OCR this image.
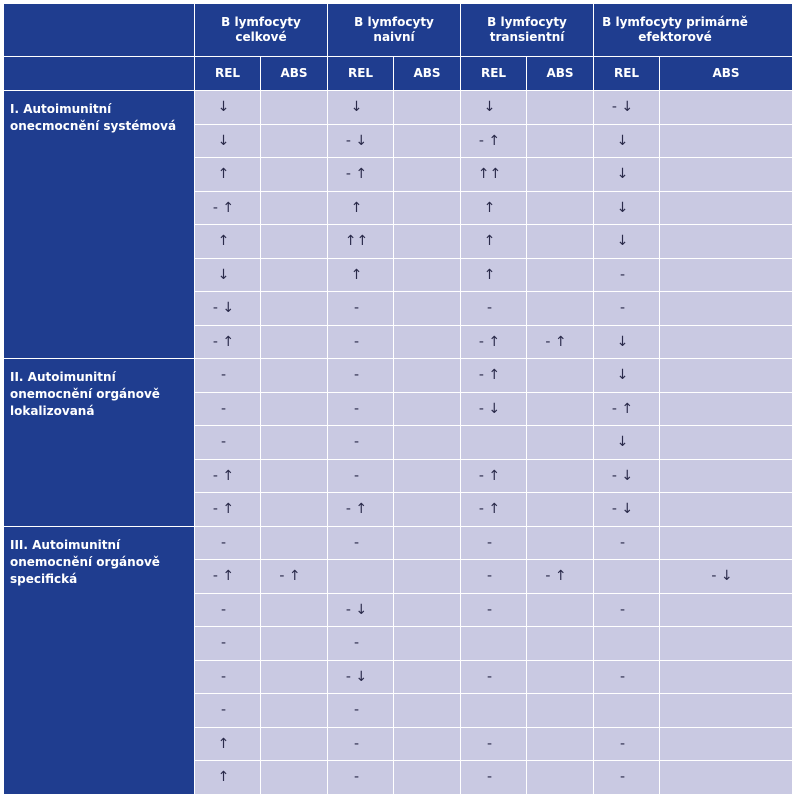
	B lymfocyty celkové		B lymfocyty naivní		B lymfocyty transientní		B lymfocyty primárně efektorové	

	REL	ABS	REL	ABS	REL	ABS	REL	ABS
I. Autoimunitní onecmocnění systémová	↓		↓		↓		- ↓	
	↓		- ↓		- ↑		↓	
	↑		- ↑		↑↑		↓	
	- ↑		↑		↑		↓	
	↑		↑↑		↑		↓	
	↓		↑		↑		-	
	- ↓		-		-		-	
	- ↑		-		- ↑	- ↑	↓	
II. Autoimunitní onemocnění orgánově lokalizovaná	-		-		- ↑		↓	
	-		-		- ↓		- ↑	
	-		-				↓	
	- ↑		-		- ↑		- ↓	
	- ↑		- ↑		- ↑		- ↓	
III. Autoimunitní onemocnění orgánově specifická	-		-		-		-	
	- ↑	- ↑			-	- ↑		- ↓
	-		- ↓		-		-	
	-		-					
	-		- ↓		-		-	
	-		-					
	↑		-		-		-	
	↑		-		-		-	
